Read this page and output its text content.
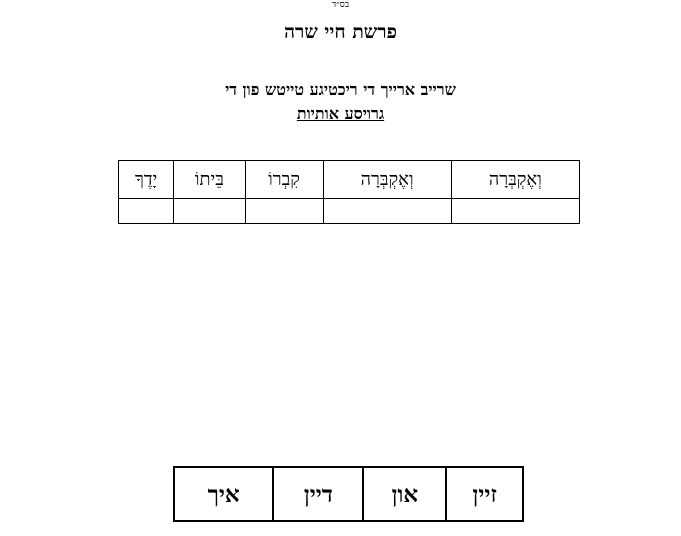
בס״ד
פרשת חיי שרה
שרייב ארייך די ריכטיגע טייטש פון די
גרויסע אותיות
וְאֶקְבְּרָה	וְאֶקְבְּרָה	קִבְרוֹ	בֵּיתוֹ	יָדֶךָ

זיין	און	דיין	איך
